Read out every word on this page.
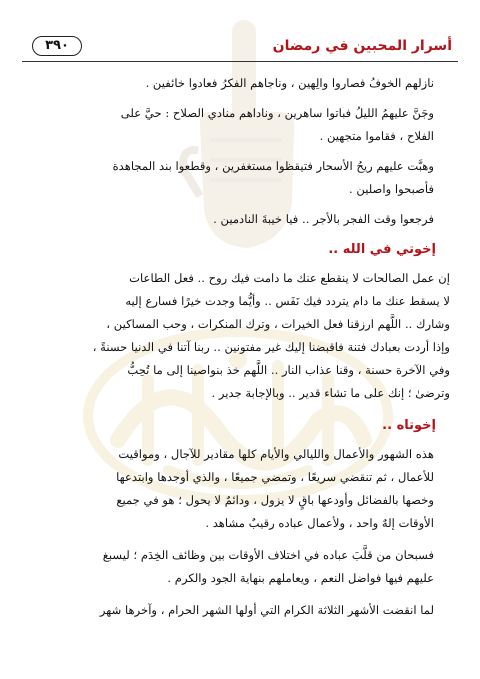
أسرار المحبين في رمضان
٣٩٠

نازلهم الخوفُ فصاروا والِهين ، وناجاهم الفكرُ فعادوا خائفين .

وجَنَّ عليهمُ الليلُ فباتوا ساهرين ، وناداهم منادي الصلاح : حيَّ على
الفلاح ، فقاموا متجهين .

وهبَّت عليهم ريحُ الأسحار فتيقظوا مستغفرين ، وقطعوا بند المجاهدة
فأصبحوا واصلين .

فرجعوا وقت الفجر بالأجر .. فيا خيبةَ النادمين .

إخوتي في الله ..

إن عمل الصالحات لا ينقطع عنك ما دامت فيك روح .. فعل الطاعات
لا يسقط عنك ما دام يتردد فيك نَفَس .. وأيُّما وجدت خيرًا فسارع إليه
وشارك .. اللَّهم ارزقنا فعل الخيرات ، وترك المنكرات ، وحب المساكين ،
وإذا أردت بعبادك فتنة فاقبضنا إليك غير مفتونين .. ربنا آتنا في الدنيا حسنةً ،
وفي الآخرة حسنة ، وقنا عذاب النار .. اللَّهم خذ بنواصينا إلى ما تُحِبُّ
وترضىٰ ؛ إنك على ما تشاء قدير .. وبالإجابة جدير .

إخوتاه ..

هذه الشهور والأعمال والليالي والأيام كلها مقادير للآجال ، ومواقيت
للأعمال ، ثم تنقضي سريعًا ، وتمضي جميعًا ، والذي أوجدها وابتدعها
وخصها بالفضائل وأودعها باقٍ لا يزول ، ودائمٌ لا يحول ؛ هو في جميع
الأوقات إلهٌ واحد ، ولأعمال عباده رقيبٌ مشاهد .

فسبحان من قلَّبَ عباده في اختلاف الأوقات بين وظائف الخِدَم ؛ ليسبغ
عليهم فيها فواضل النعم ، ويعاملهم بنهاية الجود والكرم .

لما انقضت الأشهر الثلاثة الكرام التي أولها الشهر الحرام ، وآخرها شهر
